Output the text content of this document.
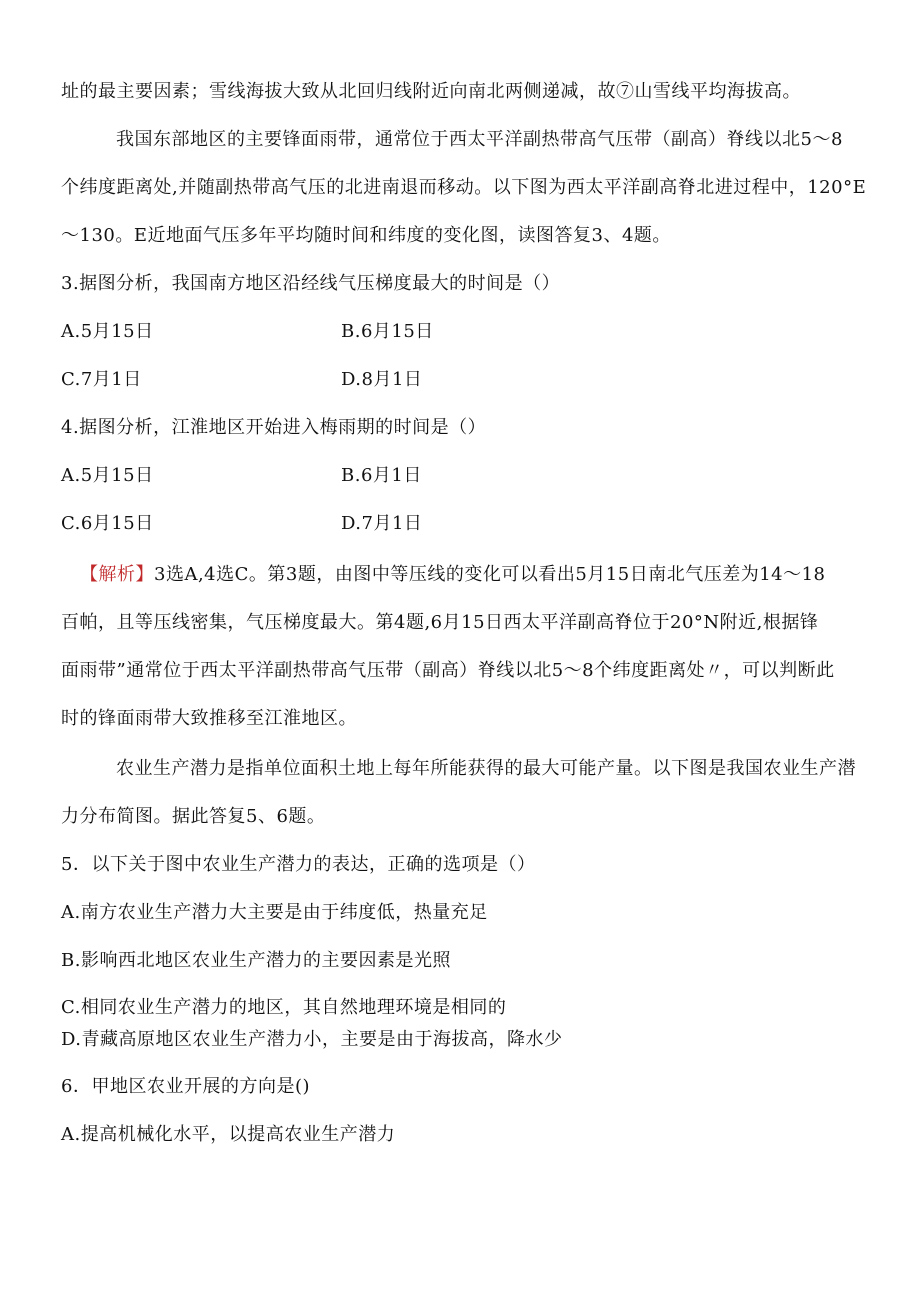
址的最主要因素；雪线海拔大致从北回归线附近向南北两侧递减，故⑦山雪线平均海拔高。
我国东部地区的主要锋面雨带，通常位于西太平洋副热带高气压带（副高）脊线以北5～8
个纬度距离处,并随副热带高气压的北进南退而移动。以下图为西太平洋副高脊北进过程中，120°E
～130。E近地面气压多年平均随时间和纬度的变化图，读图答复3、4题。
3.据图分析，我国南方地区沿经线气压梯度最大的时间是（）
A.5月15日	B.6月15日
C.7月1日	D.8月1日
4.据图分析，江淮地区开始进入梅雨期的时间是（）
A.5月15日	B.6月1日
C.6月15日	D.7月1日
【解析】3选A,4选C。第3题，由图中等压线的变化可以看出5月15日南北气压差为14～18
百帕，且等压线密集，气压梯度最大。第4题,6月15日西太平洋副高脊位于20°N附近,根据锋
面雨带”通常位于西太平洋副热带高气压带（副高）脊线以北5～8个纬度距离处〃，可以判断此
时的锋面雨带大致推移至江淮地区。
农业生产潜力是指单位面积土地上每年所能获得的最大可能产量。以下图是我国农业生产潜
力分布简图。据此答复5、6题。
5．以下关于图中农业生产潜力的表达，正确的选项是（）
A.南方农业生产潜力大主要是由于纬度低，热量充足
B.影响西北地区农业生产潜力的主要因素是光照
C.相同农业生产潜力的地区，其自然地理环境是相同的
D.青藏高原地区农业生产潜力小，主要是由于海拔高，降水少
6．甲地区农业开展的方向是()
A.提高机械化水平，以提高农业生产潜力
